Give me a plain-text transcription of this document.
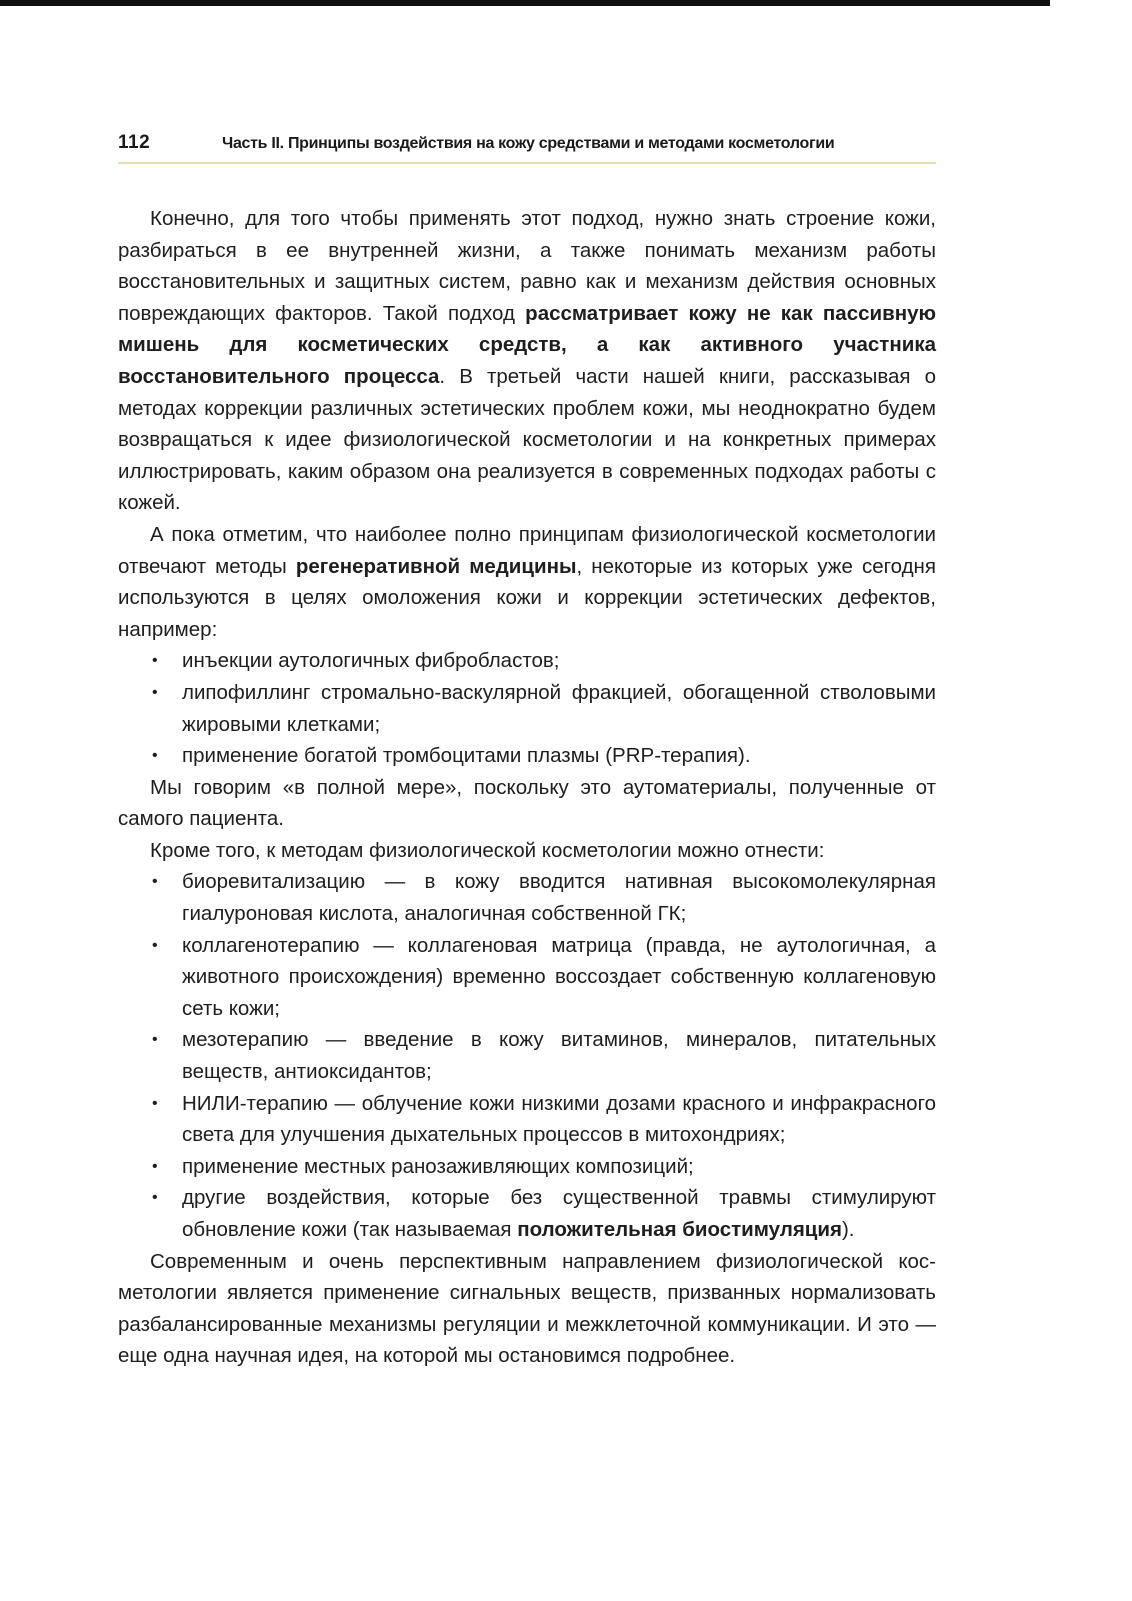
112	Часть II. Принципы воздействия на кожу средствами и методами косметологии

Конечно, для того чтобы применять этот подход, нужно знать строение кожи, разбираться в ее внутренней жизни, а также понимать механизм работы восстановительных и защитных систем, равно как и механизм действия основных повреждающих факторов. Такой подход рассматривает кожу не как пассивную мишень для косметических средств, а как активного участника восстановительного процесса. В третьей части нашей книги, рассказывая о методах коррекции различных эстетических проблем кожи, мы неоднократно будем возвращаться к идее физиологической косметологии и на конкретных примерах иллюстрировать, каким образом она реализуется в современных подходах работы с кожей.

А пока отметим, что наиболее полно принципам физиологической косметологии отвечают методы регенеративной медицины, некоторые из которых уже сегодня используются в целях омоложения кожи и коррекции эстетических дефектов, например:

• инъекции аутологичных фибробластов;
• липофиллинг стромально-васкулярной фракцией, обогащенной стволовыми жировыми клетками;
• применение богатой тромбоцитами плазмы (PRP-терапия).

Мы говорим «в полной мере», поскольку это аутоматериалы, полученные от самого пациента.

Кроме того, к методам физиологической косметологии можно отнести:

• биоревитализацию — в кожу вводится нативная высокомолекулярная гиалуроновая кислота, аналогичная собственной ГК;
• коллагенотерапию — коллагеновая матрица (правда, не аутологичная, а животного происхождения) временно воссоздает собственную коллагеновую сеть кожи;
• мезотерапию — введение в кожу витаминов, минералов, питательных веществ, антиоксидантов;
• НИЛИ-терапию — облучение кожи низкими дозами красного и инфракрасного света для улучшения дыхательных процессов в митохондриях;
• применение местных ранозаживляющих композиций;
• другие воздействия, которые без существенной травмы стимулируют обновление кожи (так называемая положительная биостимуляция).

Современным и очень перспективным направлением физиологической косметологии является применение сигнальных веществ, призванных нормализовать разбалансированные механизмы регуляции и межклеточной коммуникации. И это — еще одна научная идея, на которой мы остановимся подробнее.
